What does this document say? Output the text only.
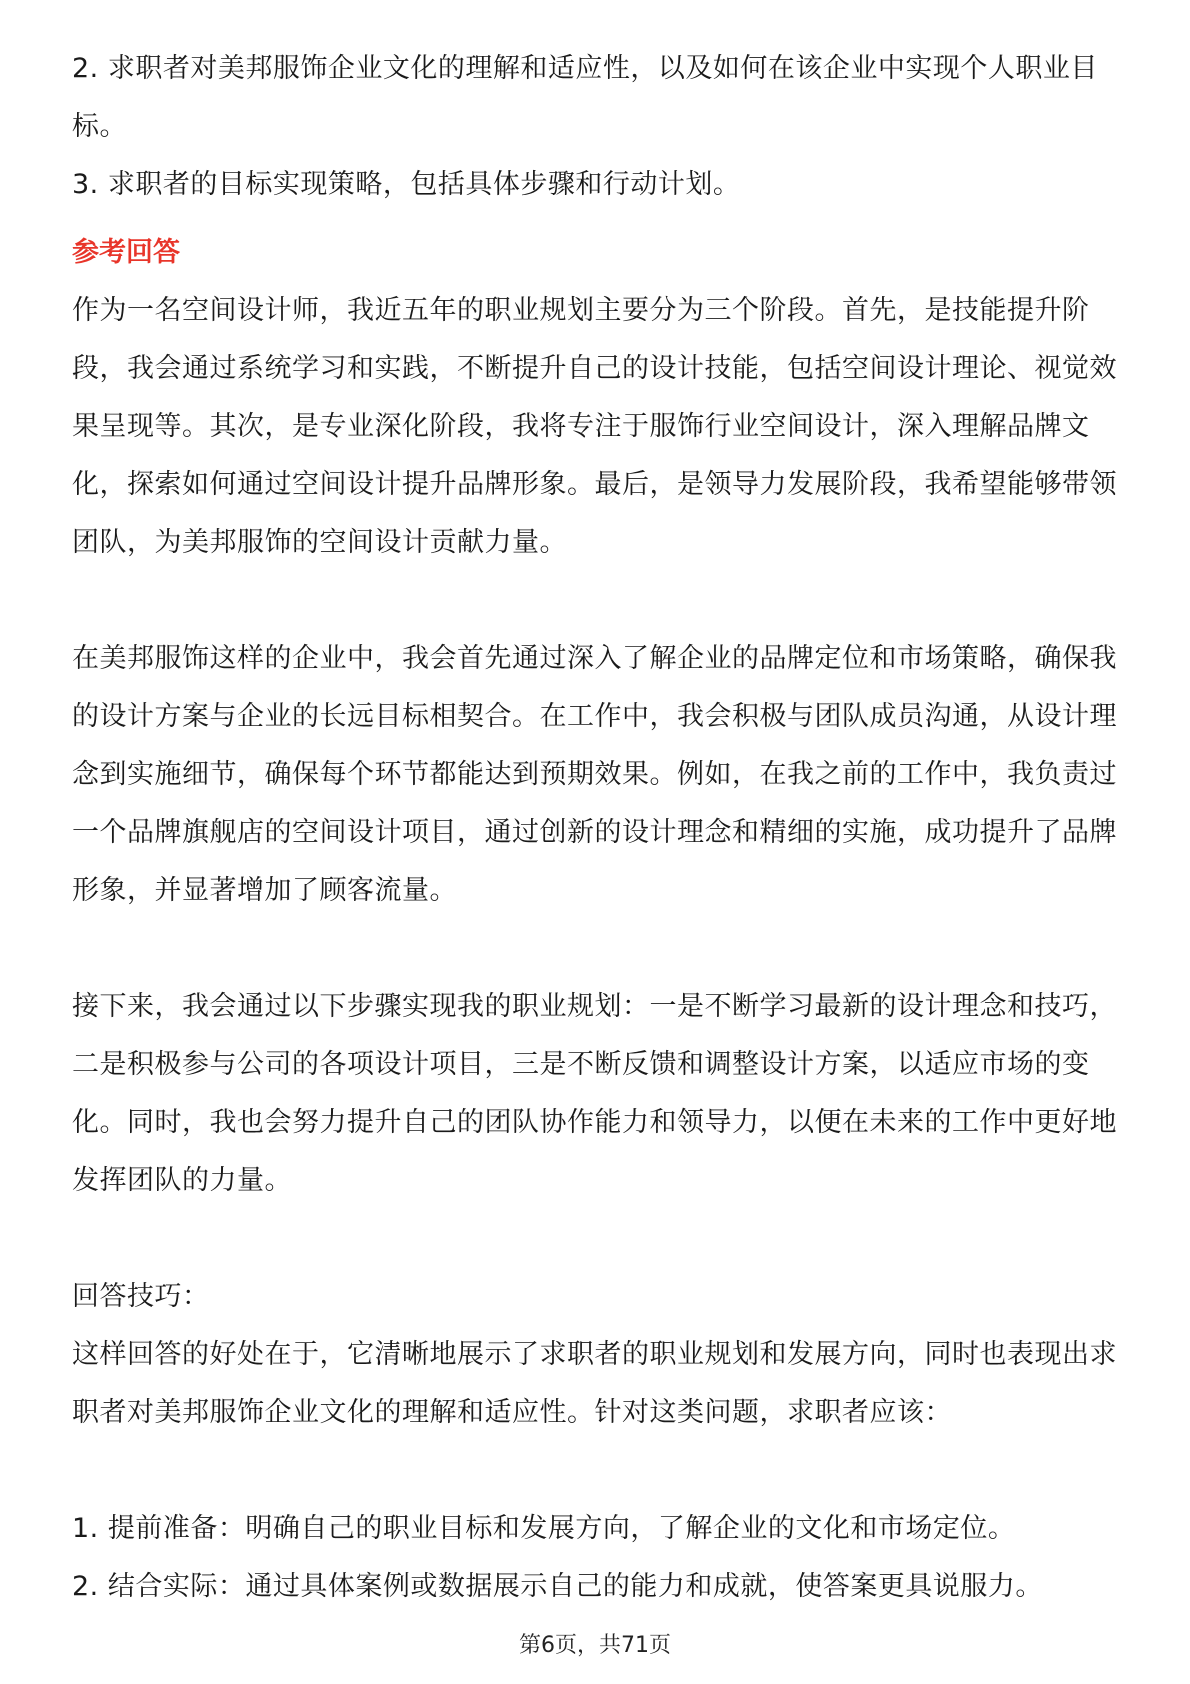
2. 求职者对美邦服饰企业文化的理解和适应性，以及如何在该企业中实现个人职业目标。

3. 求职者的目标实现策略，包括具体步骤和行动计划。

参考回答

作为一名空间设计师，我近五年的职业规划主要分为三个阶段。首先，是技能提升阶段，我会通过系统学习和实践，不断提升自己的设计技能，包括空间设计理论、视觉效果呈现等。其次，是专业深化阶段，我将专注于服饰行业空间设计，深入理解品牌文化，探索如何通过空间设计提升品牌形象。最后，是领导力发展阶段，我希望能够带领团队，为美邦服饰的空间设计贡献力量。

在美邦服饰这样的企业中，我会首先通过深入了解企业的品牌定位和市场策略，确保我的设计方案与企业的长远目标相契合。在工作中，我会积极与团队成员沟通，从设计理念到实施细节，确保每个环节都能达到预期效果。例如，在我之前的工作中，我负责过一个品牌旗舰店的空间设计项目，通过创新的设计理念和精细的实施，成功提升了品牌形象，并显著增加了顾客流量。

接下来，我会通过以下步骤实现我的职业规划：一是不断学习最新的设计理念和技巧，二是积极参与公司的各项设计项目，三是不断反馈和调整设计方案，以适应市场的变化。同时，我也会努力提升自己的团队协作能力和领导力，以便在未来的工作中更好地发挥团队的力量。

回答技巧：

这样回答的好处在于，它清晰地展示了求职者的职业规划和发展方向，同时也表现出求职者对美邦服饰企业文化的理解和适应性。针对这类问题，求职者应该：

1. 提前准备：明确自己的职业目标和发展方向，了解企业的文化和市场定位。

2. 结合实际：通过具体案例或数据展示自己的能力和成就，使答案更具说服力。

第6页，共71页
